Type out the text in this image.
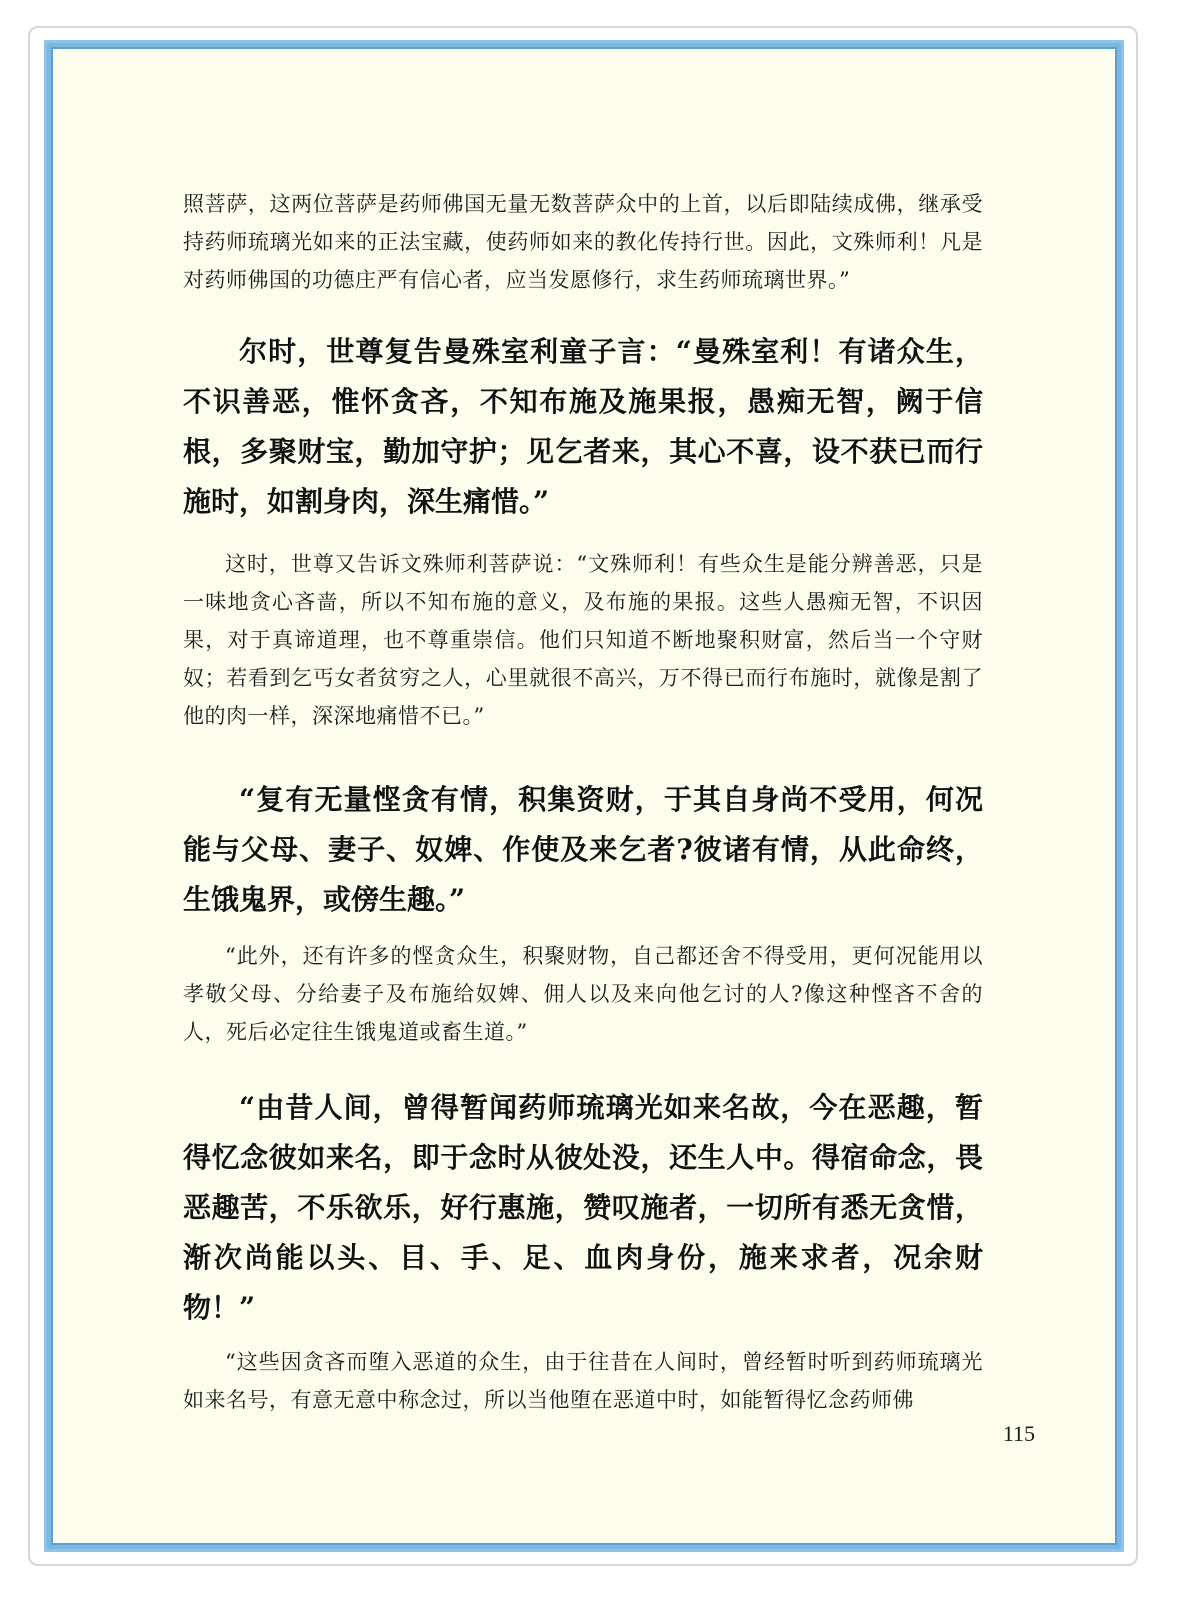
照菩萨，这两位菩萨是药师佛国无量无数菩萨众中的上首，以后即陆续成佛，继承受持药师琉璃光如来的正法宝藏，使药师如来的教化传持行世。因此，文殊师利！凡是对药师佛国的功德庄严有信心者，应当发愿修行，求生药师琉璃世界。”

尔时，世尊复告曼殊室利童子言：“曼殊室利！有诸众生，不识善恶，惟怀贪吝，不知布施及施果报，愚痴无智，阙于信根，多聚财宝，勤加守护；见乞者来，其心不喜，设不获已而行施时，如割身肉，深生痛惜。”

这时，世尊又告诉文殊师利菩萨说：“文殊师利！有些众生是能分辨善恶，只是一味地贪心吝啬，所以不知布施的意义，及布施的果报。这些人愚痴无智，不识因果，对于真谛道理，也不尊重崇信。他们只知道不断地聚积财富，然后当一个守财奴；若看到乞丐女者贫穷之人，心里就很不高兴，万不得已而行布施时，就像是割了他的肉一样，深深地痛惜不已。”

“复有无量悭贪有情，积集资财，于其自身尚不受用，何况能与父母、妻子、奴婢、作使及来乞者?彼诸有情，从此命终，生饿鬼界，或傍生趣。”

“此外，还有许多的悭贪众生，积聚财物，自己都还舍不得受用，更何况能用以孝敬父母、分给妻子及布施给奴婢、佣人以及来向他乞讨的人?像这种悭吝不舍的人，死后必定往生饿鬼道或畜生道。”

“由昔人间，曾得暂闻药师琉璃光如来名故，今在恶趣，暂得忆念彼如来名，即于念时从彼处没，还生人中。得宿命念，畏恶趣苦，不乐欲乐，好行惠施，赞叹施者，一切所有悉无贪惜，渐次尚能以头、目、手、足、血肉身份，施来求者，况余财物！”

“这些因贪吝而堕入恶道的众生，由于往昔在人间时，曾经暂时听到药师琉璃光如来名号，有意无意中称念过，所以当他堕在恶道中时，如能暂得忆念药师佛

115
